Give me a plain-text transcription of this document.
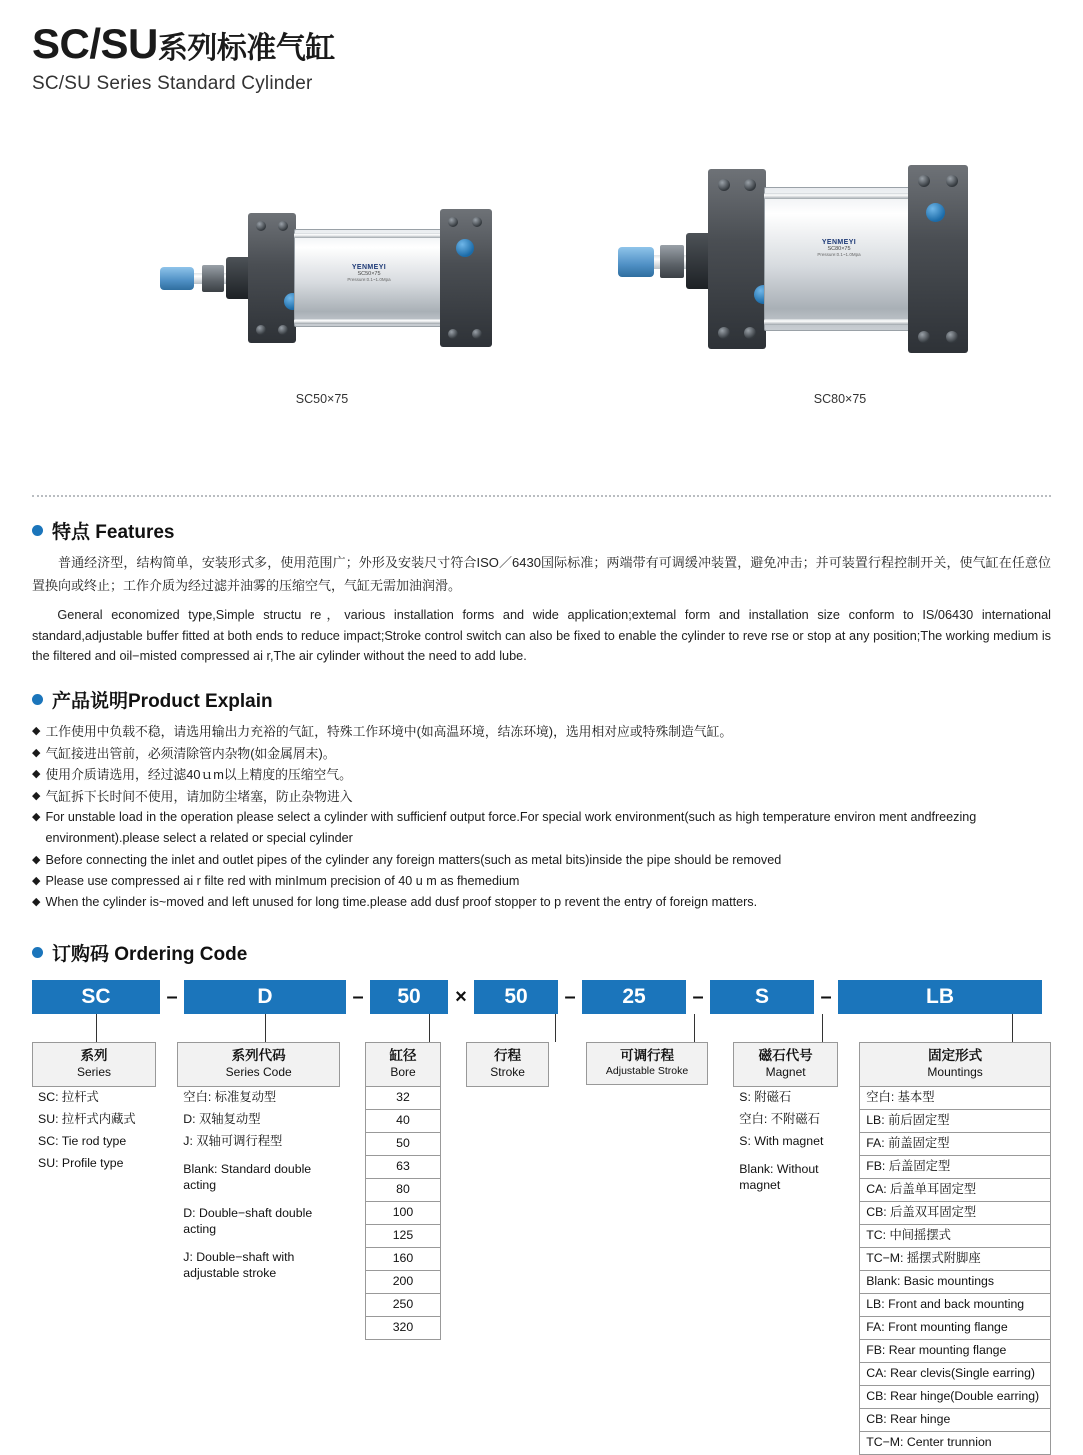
SC/SU系列标准气缸
SC/SU Series Standard Cylinder
YENMEYI
SC50×75
Pressure:0.1~1.0Mpa
SC50×75
YENMEYI
SC80×75
Pressure:0.1~1.0Mpa
SC80×75
特点 Features
普通经济型，结构简单，安装形式多，使用范围广；外形及安装尺寸符合ISO／6430国际标准；两端带有可调缓冲装置，避免冲击；并可装置行程控制开关，使气缸在任意位置换向或终止；工作介质为经过滤并油雾的压缩空气，气缸无需加油润滑。
General economized type,Simple structu re，various installation forms and wide application;extemal form and installation size conform to IS/06430 international standard,adjustable buffer fitted at both ends to reduce impact;Stroke control switch can also be fixed to enable the cylinder to reve rse or stop at any position;The working medium is the filtered and oil−misted compressed ai r,The air cylinder without the need to add lube.
产品说明Product Explain
◆ 工作使用中负载不稳，请选用输出力充裕的气缸，特殊工作环境中(如高温环境，结冻环境)，选用相对应或特殊制造气缸。
◆ 气缸接进出管前，必须清除管内杂物(如金属屑末)。
◆ 使用介质请选用，经过滤40ｕm以上精度的压缩空气。
◆ 气缸拆下长时间不使用，请加防尘堵塞，防止杂物进入
◆ For unstable load in the operation please select a cylinder with sufficienf output force.For special work environment(such as high temperature environ ment andfreezing environment).please select a related or special cylinder
◆ Before connecting the inlet and outlet pipes of the cylinder any foreign matters(such as metal bits)inside the pipe should be removed
◆ Please use compressed ai r filte red with minImum precision of 40 u m as fhemedium
◆ When the cylinder is~moved and left unused for long time.please add dusf proof stopper to p revent the entry of foreign matters.
订购码 Ordering Code
SC	–	D	–	50	×	50	–	25	–	S	–	LB
系列
Series
SC: 拉杆式
SU: 拉杆式内藏式
SC: Tie rod type
SU: Profile type
系列代码
Series Code
空白: 标准复动型
D: 双轴复动型
J: 双轴可调行程型
Blank: Standard double acting
D: Double−shaft double acting
J: Double−shaft with adjustable stroke
缸径
Bore
32
40
50
63
80
100
125
160
200
250
320
行程
Stroke
可调行程
Adjustable Stroke
磁石代号
Magnet
S: 附磁石
空白: 不附磁石
S: With magnet
Blank: Without magnet
固定形式
Mountings
空白: 基本型
LB: 前后固定型
FA: 前盖固定型
FB: 后盖固定型
CA: 后盖单耳固定型
CB: 后盖双耳固定型
TC: 中间摇摆式
TC−M: 摇摆式附脚座
Blank: Basic mountings
LB: Front and back mounting
FA: Front mounting flange
FB: Rear mounting flange
CA: Rear clevis(Single earring)
CB: Rear hinge(Double earring)
CB: Rear hinge
TC−M: Center trunnion
